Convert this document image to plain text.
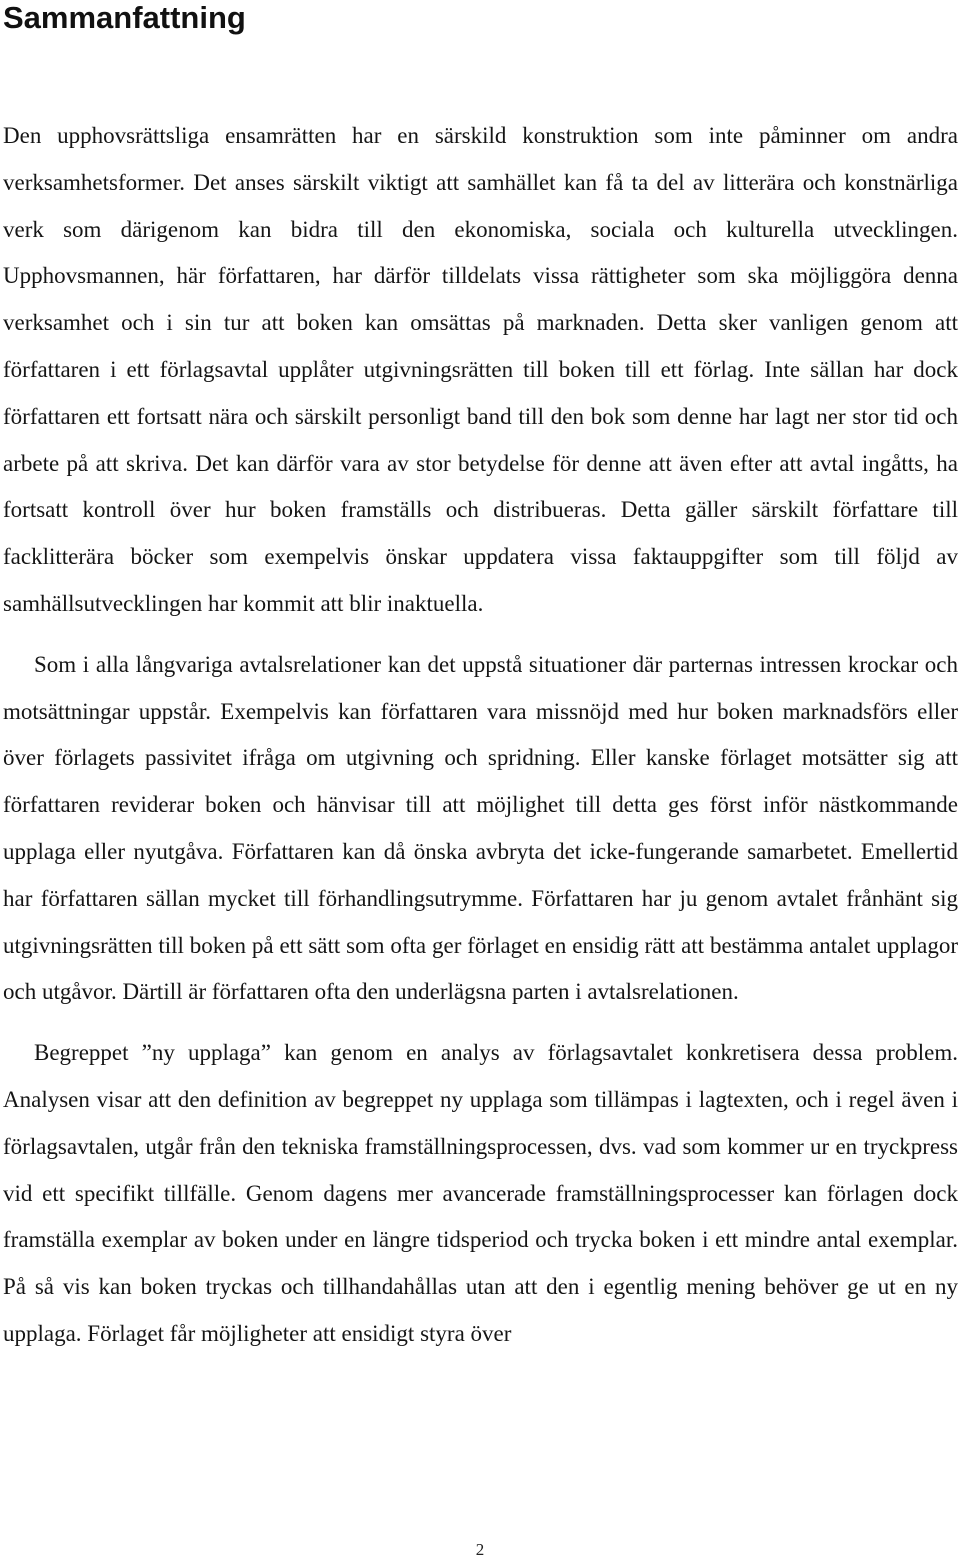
Sammanfattning

Den upphovsrättsliga ensamrätten har en särskild konstruktion som inte påminner om andra verksamhetsformer. Det anses särskilt viktigt att samhället kan få ta del av litterära och konstnärliga verk som därigenom kan bidra till den ekonomiska, sociala och kulturella utvecklingen. Upphovsmannen, här författaren, har därför tilldelats vissa rättigheter som ska möjliggöra denna verksamhet och i sin tur att boken kan omsättas på marknaden. Detta sker vanligen genom att författaren i ett förlagsavtal upplåter utgivningsrätten till boken till ett förlag. Inte sällan har dock författaren ett fortsatt nära och särskilt personligt band till den bok som denne har lagt ner stor tid och arbete på att skriva. Det kan därför vara av stor betydelse för denne att även efter att avtal ingåtts, ha fortsatt kontroll över hur boken framställs och distribueras. Detta gäller särskilt författare till facklitterära böcker som exempelvis önskar uppdatera vissa faktauppgifter som till följd av samhällsutvecklingen har kommit att blir inaktuella.

Som i alla långvariga avtalsrelationer kan det uppstå situationer där parternas intressen krockar och motsättningar uppstår. Exempelvis kan författaren vara missnöjd med hur boken marknadsförs eller över förlagets passivitet ifråga om utgivning och spridning. Eller kanske förlaget motsätter sig att författaren reviderar boken och hänvisar till att möjlighet till detta ges först inför nästkommande upplaga eller nyutgåva. Författaren kan då önska avbryta det icke-fungerande samarbetet. Emellertid har författaren sällan mycket till förhandlingsutrymme. Författaren har ju genom avtalet frånhänt sig utgivningsrätten till boken på ett sätt som ofta ger förlaget en ensidig rätt att bestämma antalet upplagor och utgåvor. Därtill är författaren ofta den underlägsna parten i avtalsrelationen.

Begreppet ”ny upplaga” kan genom en analys av förlagsavtalet konkretisera dessa problem. Analysen visar att den definition av begreppet ny upplaga som tillämpas i lagtexten, och i regel även i förlagsavtalen, utgår från den tekniska framställningsprocessen, dvs. vad som kommer ur en tryckpress vid ett specifikt tillfälle. Genom dagens mer avancerade framställningsprocesser kan förlagen dock framställa exemplar av boken under en längre tidsperiod och trycka boken i ett mindre antal exemplar. På så vis kan boken tryckas och tillhandahållas utan att den i egentlig mening behöver ge ut en ny upplaga. Förlaget får möjligheter att ensidigt styra över

2
